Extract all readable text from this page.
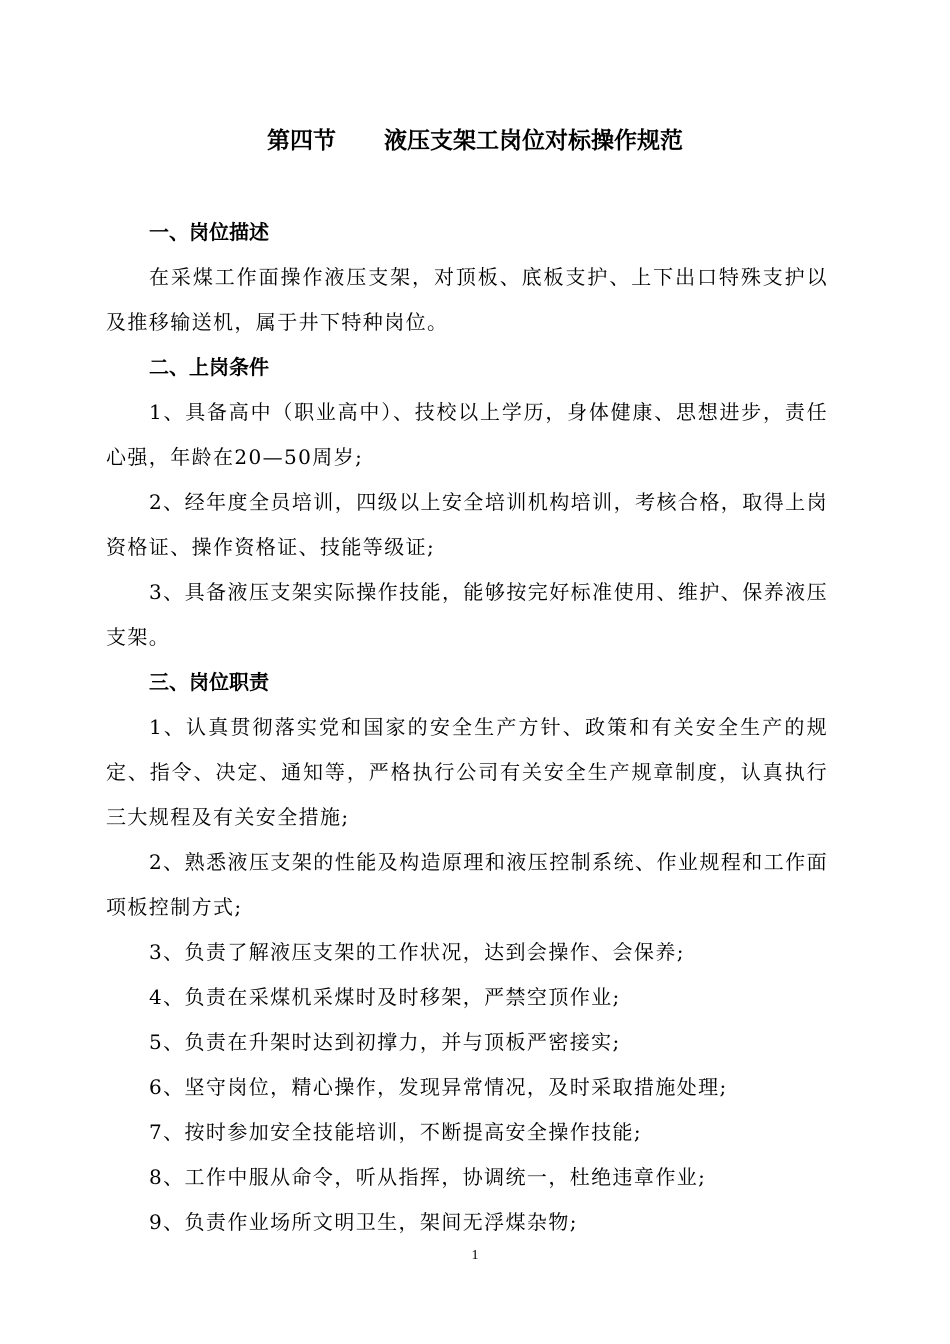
第四节 液压支架工岗位对标操作规范

一、岗位描述

在采煤工作面操作液压支架，对顶板、底板支护、上下出口特殊支护以及推移输送机，属于井下特种岗位。

二、上岗条件

1、具备高中（职业高中）、技校以上学历，身体健康、思想进步，责任心强，年龄在20—50周岁;

2、经年度全员培训，四级以上安全培训机构培训，考核合格，取得上岗资格证、操作资格证、技能等级证;

3、具备液压支架实际操作技能，能够按完好标准使用、维护、保养液压支架。

三、岗位职责

1、认真贯彻落实党和国家的安全生产方针、政策和有关安全生产的规定、指令、决定、通知等，严格执行公司有关安全生产规章制度，认真执行三大规程及有关安全措施;

2、熟悉液压支架的性能及构造原理和液压控制系统、作业规程和工作面项板控制方式;

3、负责了解液压支架的工作状况，达到会操作、会保养;

4、负责在采煤机采煤时及时移架，严禁空顶作业;

5、负责在升架时达到初撑力，并与顶板严密接实;

6、坚守岗位，精心操作，发现异常情况，及时采取措施处理;

7、按时参加安全技能培训，不断提高安全操作技能;

8、工作中服从命令，听从指挥，协调统一，杜绝违章作业;

9、负责作业场所文明卫生，架间无浮煤杂物;

1
